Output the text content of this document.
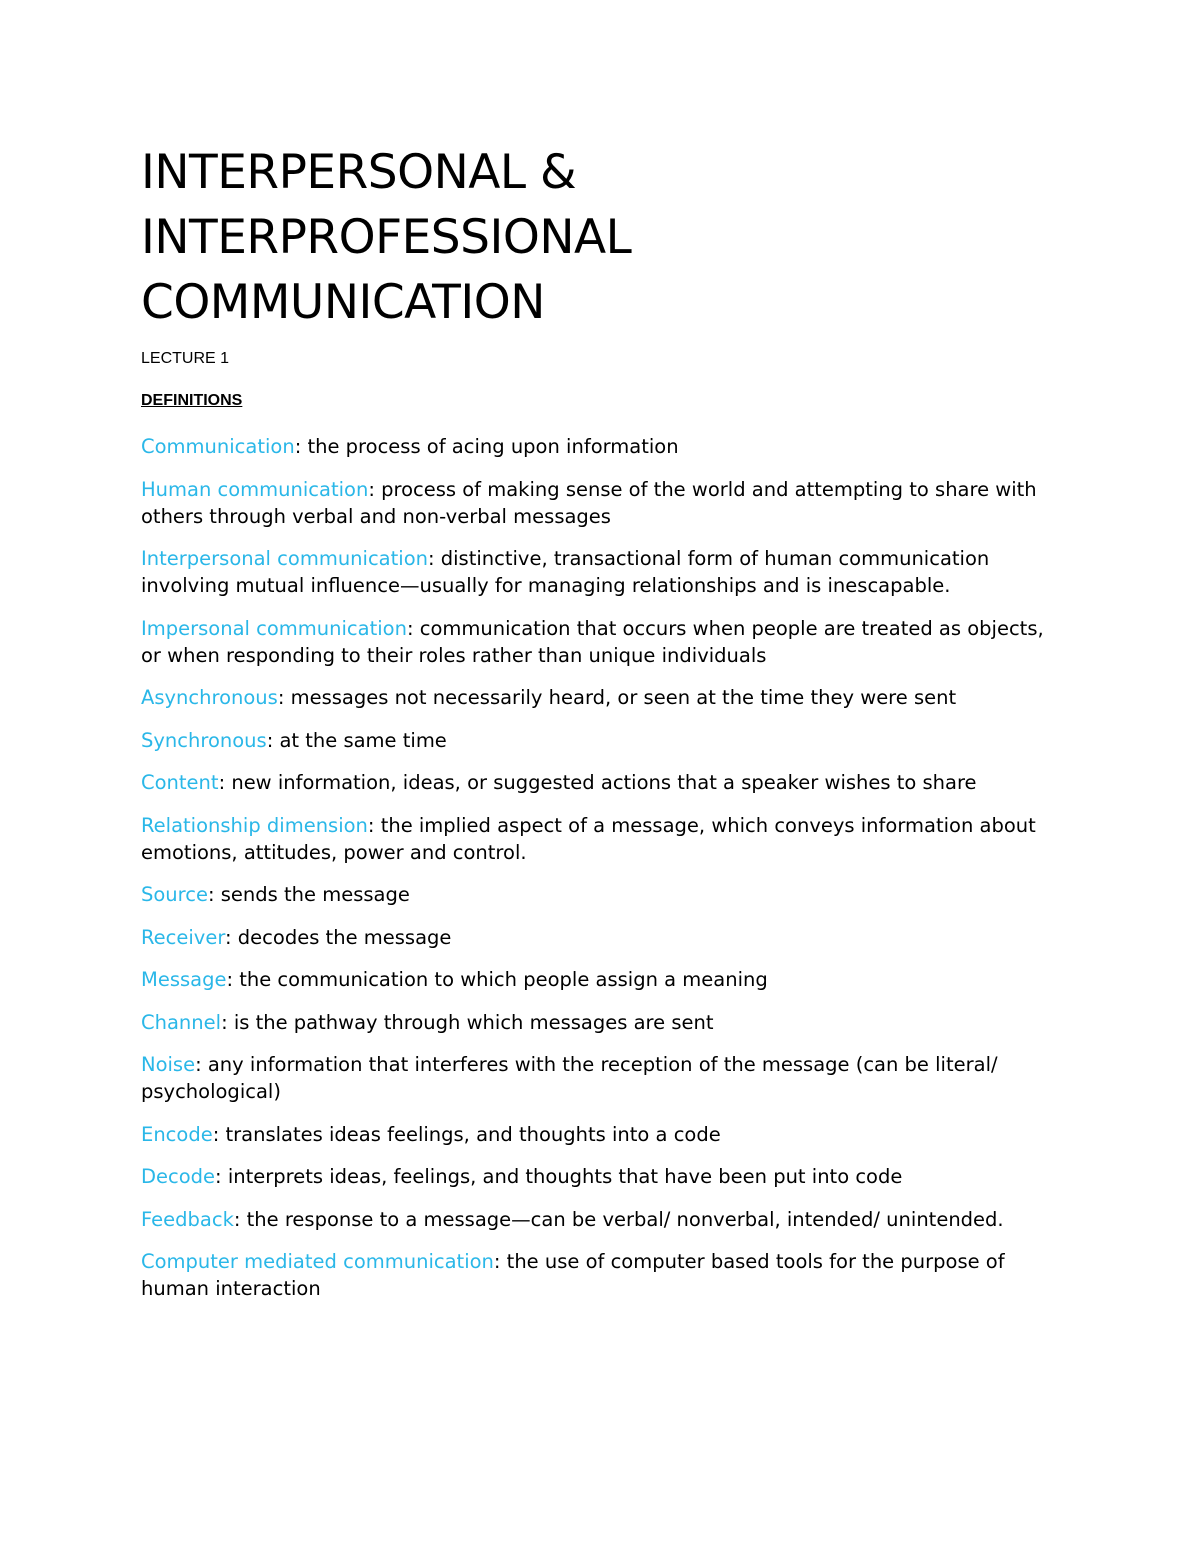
INTERPERSONAL &
INTERPROFESSIONAL
COMMUNICATION
LECTURE 1
DEFINITIONS

Communication: the process of acing upon information

Human communication: process of making sense of the world and attempting to share with others through verbal and non-verbal messages

Interpersonal communication: distinctive, transactional form of human communication involving mutual influence—usually for managing relationships and is inescapable.

Impersonal communication: communication that occurs when people are treated as objects, or when responding to their roles rather than unique individuals

Asynchronous: messages not necessarily heard, or seen at the time they were sent

Synchronous: at the same time

Content: new information, ideas, or suggested actions that a speaker wishes to share

Relationship dimension: the implied aspect of a message, which conveys information about emotions, attitudes, power and control.

Source: sends the message

Receiver: decodes the message

Message: the communication to which people assign a meaning

Channel: is the pathway through which messages are sent

Noise: any information that interferes with the reception of the message (can be literal/ psychological)

Encode: translates ideas feelings, and thoughts into a code

Decode: interprets ideas, feelings, and thoughts that have been put into code

Feedback: the response to a message—can be verbal/ nonverbal, intended/ unintended.

Computer mediated communication: the use of computer based tools for the purpose of human interaction
